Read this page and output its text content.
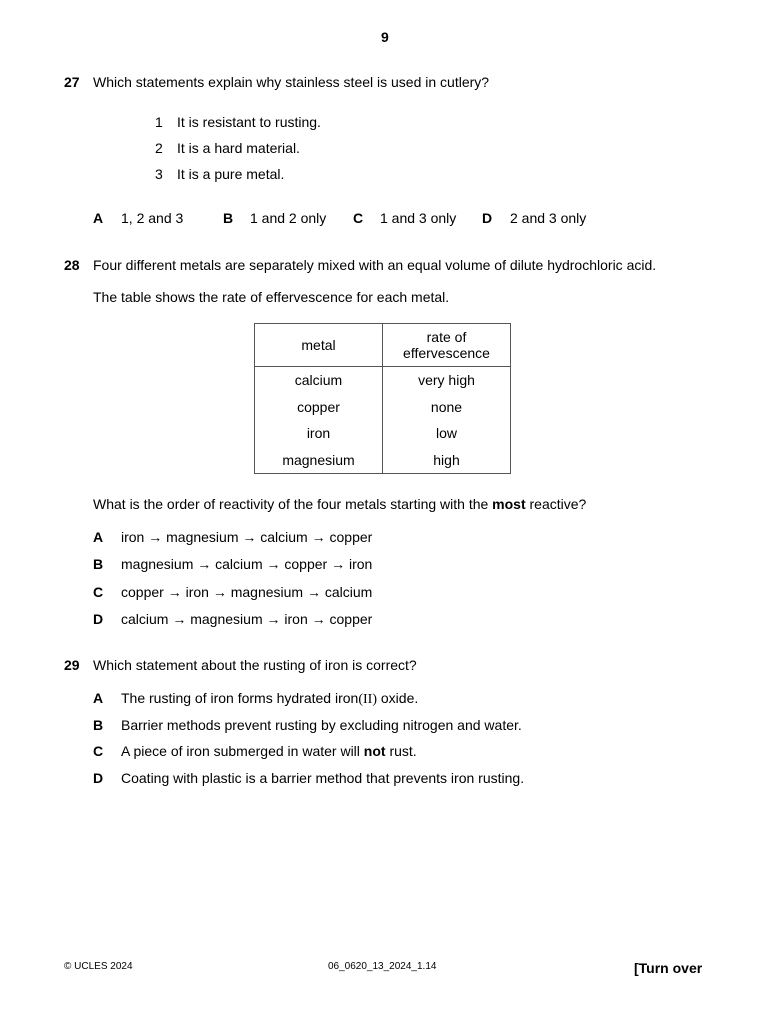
9
27 Which statements explain why stainless steel is used in cutlery?
1 It is resistant to rusting.
2 It is a hard material.
3 It is a pure metal.
A 1, 2 and 3	B 1 and 2 only C 1 and 3 only D 2 and 3 only
28 Four different metals are separately mixed with an equal volume of dilute hydrochloric acid.
The table shows the rate of effervescence for each metal.
metal	rate of
effervescence
calcium	very high
copper	none
iron	low
magnesium	high
What is the order of reactivity of the four metals starting with the most reactive?
A iron → magnesium → calcium → copper
B magnesium → calcium → copper → iron
C copper → iron → magnesium → calcium
D calcium → magnesium → iron → copper
29 Which statement about the rusting of iron is correct?
A The rusting of iron forms hydrated iron(II) oxide.
B Barrier methods prevent rusting by excluding nitrogen and water.
C A piece of iron submerged in water will not rust.
D Coating with plastic is a barrier method that prevents iron rusting.
© UCLES 2024	06_0620_13_2024_1.14	[Turn over
